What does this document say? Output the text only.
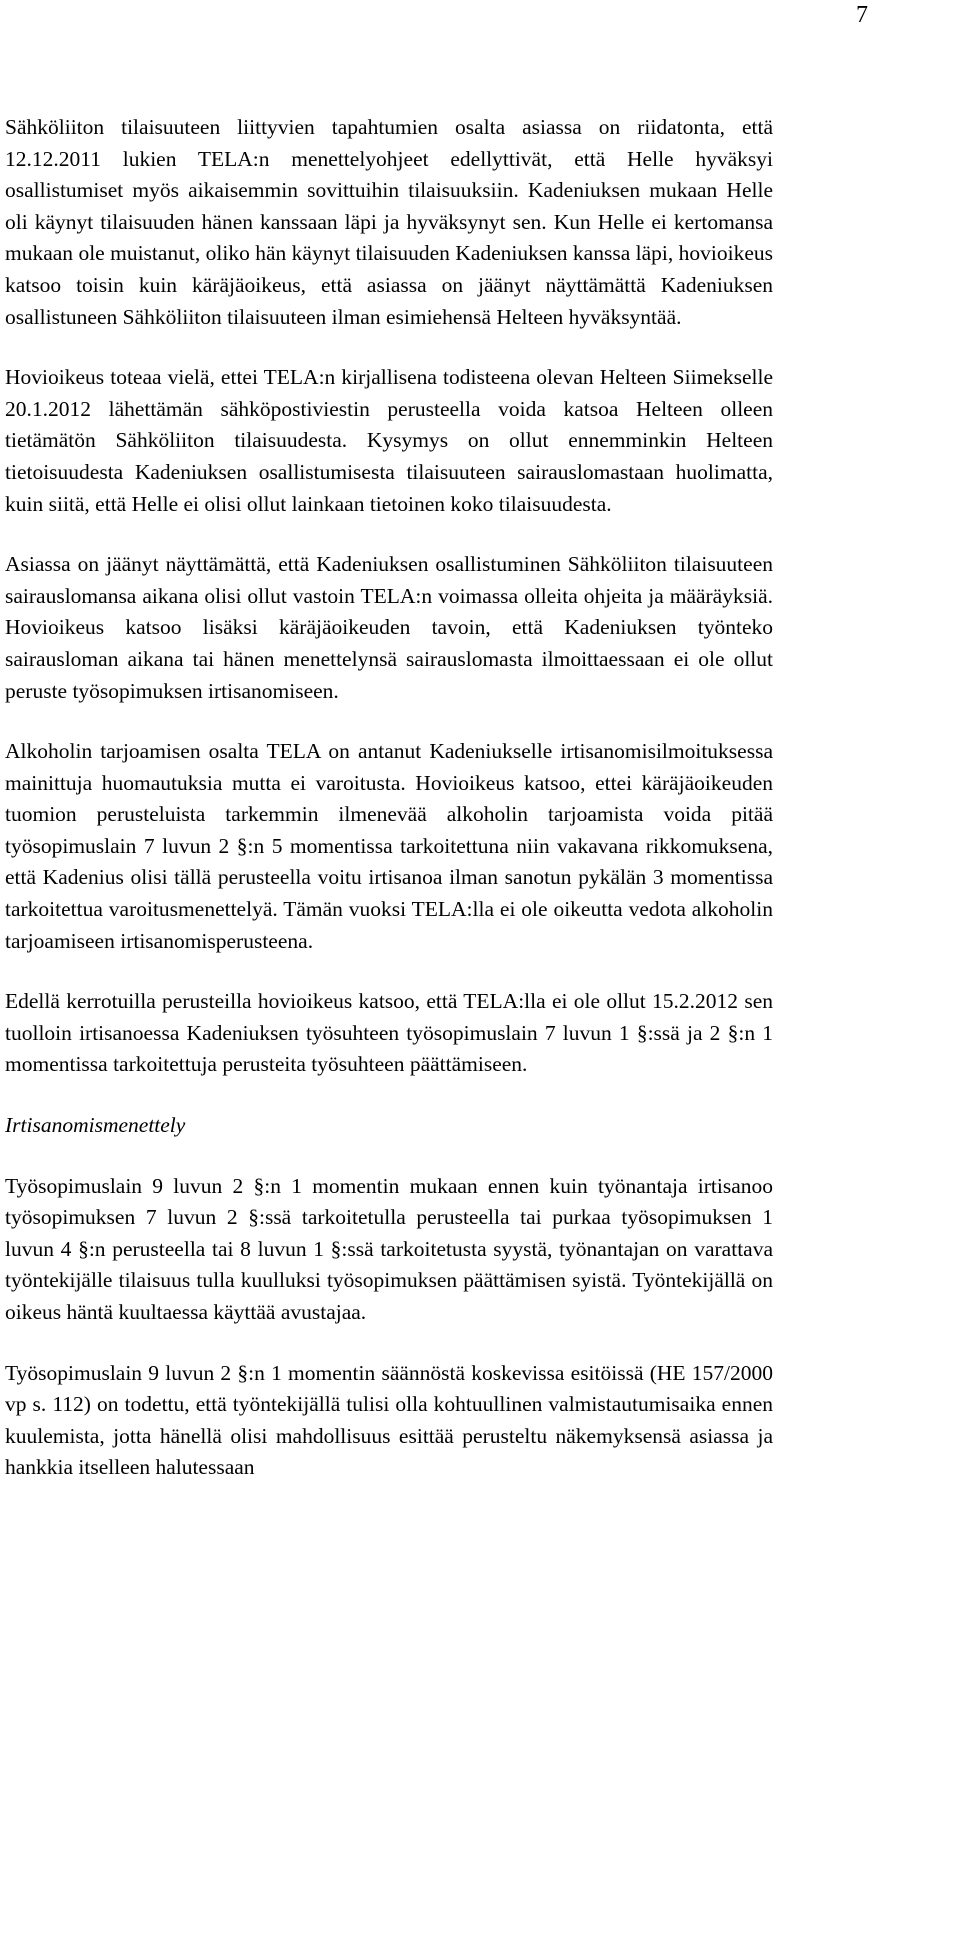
7

Sähköliiton tilaisuuteen liittyvien tapahtumien osalta asiassa on riidatonta, että 12.12.2011 lukien TELA:n menettelyohjeet edellyttivät, että Helle hyväksyi osallistumiset myös aikaisemmin sovittuihin tilaisuuksiin. Kadeniuksen mukaan Helle oli käynyt tilaisuuden hänen kanssaan läpi ja hyväksynyt sen. Kun Helle ei kertomansa mukaan ole muistanut, oliko hän käynyt tilaisuuden Kadeniuksen kanssa läpi, hovioikeus katsoo toisin kuin käräjäoikeus, että asiassa on jäänyt näyttämättä Kadeniuksen osallistuneen Sähköliiton tilaisuuteen ilman esimiehensä Helteen hyväksyntää.

Hovioikeus toteaa vielä, ettei TELA:n kirjallisena todisteena olevan Helteen Siimekselle 20.1.2012 lähettämän sähköpostiviestin perusteella voida katsoa Helteen olleen tietämätön Sähköliiton tilaisuudesta. Kysymys on ollut ennemminkin Helteen tietoisuudesta Kadeniuksen osallistumisesta tilaisuuteen sairauslomastaan huolimatta, kuin siitä, että Helle ei olisi ollut lainkaan tietoinen koko tilaisuudesta.

Asiassa on jäänyt näyttämättä, että Kadeniuksen osallistuminen Sähköliiton tilaisuuteen sairauslomansa aikana olisi ollut vastoin TELA:n voimassa olleita ohjeita ja määräyksiä. Hovioikeus katsoo lisäksi käräjäoikeuden tavoin, että Kadeniuksen työnteko sairausloman aikana tai hänen menettelynsä sairauslomasta ilmoittaessaan ei ole ollut peruste työsopimuksen irtisanomiseen.

Alkoholin tarjoamisen osalta TELA on antanut Kadeniukselle irtisanomisilmoituksessa mainittuja huomautuksia mutta ei varoitusta. Hovioikeus katsoo, ettei käräjäoikeuden tuomion perusteluista tarkemmin ilmenevää alkoholin tarjoamista voida pitää työsopimuslain 7 luvun 2 §:n 5 momentissa tarkoitettuna niin vakavana rikkomuksena, että Kadenius olisi tällä perusteella voitu irtisanoa ilman sanotun pykälän 3 momentissa tarkoitettua varoitusmenettelyä. Tämän vuoksi TELA:lla ei ole oikeutta vedota alkoholin tarjoamiseen irtisanomisperusteena.

Edellä kerrotuilla perusteilla hovioikeus katsoo, että TELA:lla ei ole ollut 15.2.2012 sen tuolloin irtisanoessa Kadeniuksen työsuhteen työsopimuslain 7 luvun 1 §:ssä ja 2 §:n 1 momentissa tarkoitettuja perusteita työsuhteen päättämiseen.

Irtisanomismenettely

Työsopimuslain 9 luvun 2 §:n 1 momentin mukaan ennen kuin työnantaja irtisanoo työsopimuksen 7 luvun 2 §:ssä tarkoitetulla perusteella tai purkaa työsopimuksen 1 luvun 4 §:n perusteella tai 8 luvun 1 §:ssä tarkoitetusta syystä, työnantajan on varattava työntekijälle tilaisuus tulla kuulluksi työsopimuksen päättämisen syistä. Työntekijällä on oikeus häntä kuultaessa käyttää avustajaa.

Työsopimuslain 9 luvun 2 §:n 1 momentin säännöstä koskevissa esitöissä (HE 157/2000 vp s. 112) on todettu, että työntekijällä tulisi olla kohtuullinen valmistautumisaika ennen kuulemista, jotta hänellä olisi mahdollisuus esittää perusteltu näkemyksensä asiassa ja hankkia itselleen halutessaan
